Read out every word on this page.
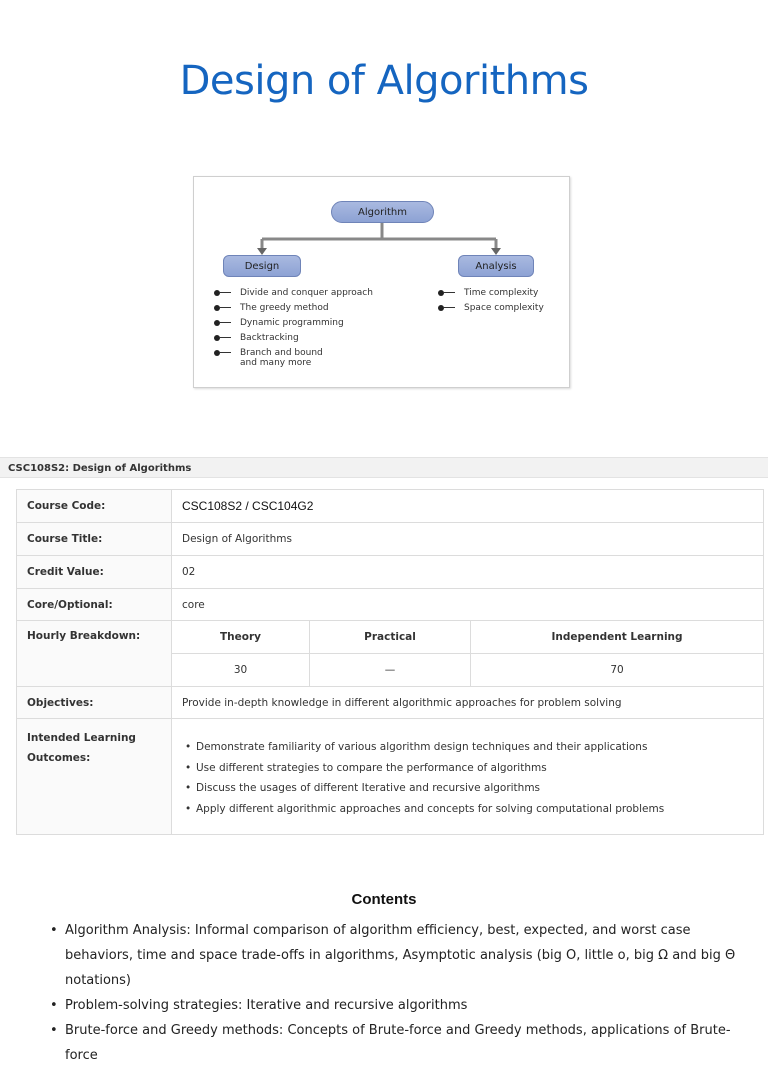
Design of Algorithms
Algorithm
Design	Analysis
Divide and conquer approach
The greedy method
Dynamic programming
Backtracking
Branch and bound
and many more
Time complexity
Space complexity
CSC108S2: Design of Algorithms
Course Code:	CSC108S2 / CSC104G2
Course Title:	Design of Algorithms
Credit Value:	02
Core/Optional:	core
Hourly Breakdown:		Theory	Practical	Independent Learning
30	—	70

Objectives:	Provide in-depth knowledge in different algorithmic approaches for problem solving
Intended Learning Outcomes:	
• Demonstrate familiarity of various algorithm design techniques and their applications
• Use different strategies to compare the performance of algorithms
• Discuss the usages of different Iterative and recursive algorithms
• Apply different algorithmic approaches and concepts for solving computational problems
Contents
• Algorithm Analysis: Informal comparison of algorithm efficiency, best, expected, and worst case behaviors, time and space trade-offs in algorithms, Asymptotic analysis (big O, little o, big Ω and big Θ notations)
• Problem-solving strategies: Iterative and recursive algorithms
• Brute-force and Greedy methods: Concepts of Brute-force and Greedy methods, applications of Brute-force
